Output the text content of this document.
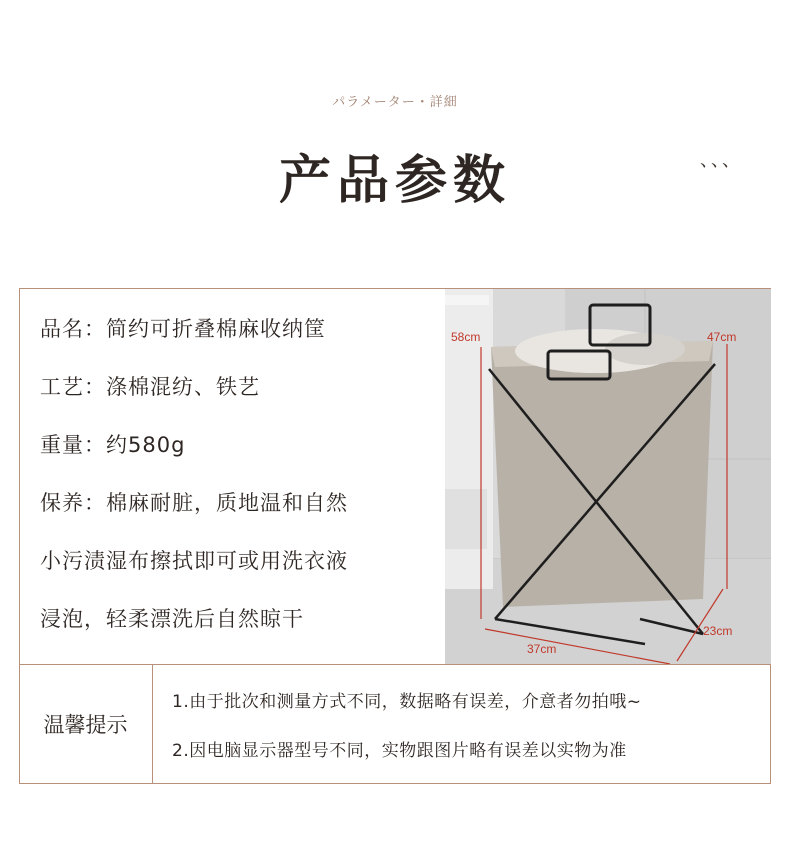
パラメーター・詳細
产品参数	、、、
品名：简约可折叠棉麻收纳筐
工艺：涤棉混纺、铁艺
重量：约580g
保养：棉麻耐脏，质地温和自然
小污渍湿布擦拭即可或用洗衣液
浸泡，轻柔漂洗后自然晾干
58cm	47cm
37cm
23cm
温馨提示
1.由于批次和测量方式不同，数据略有误差，介意者勿拍哦~
2.因电脑显示器型号不同，实物跟图片略有误差以实物为准
